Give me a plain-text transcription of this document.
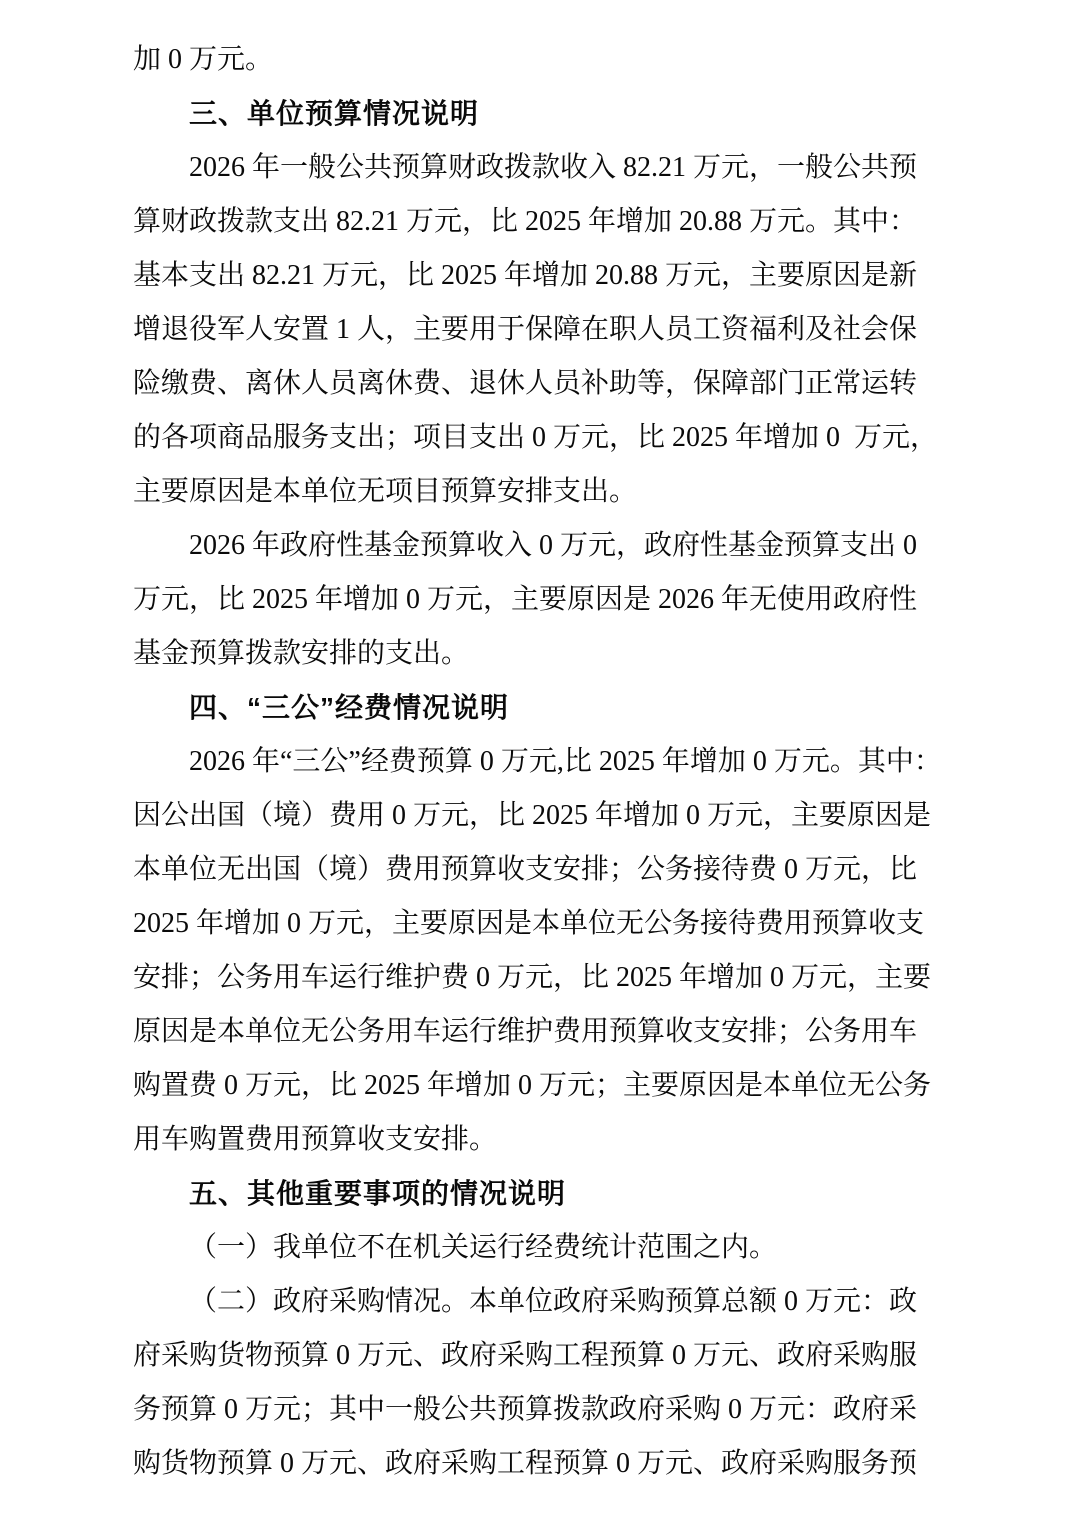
加 0 万元。
三、单位预算情况说明
2026 年一般公共预算财政拨款收入 82.21 万元，一般公共预
算财政拨款支出 82.21 万元，比 2025 年增加 20.88 万元。其中：
基本支出 82.21 万元，比 2025 年增加 20.88 万元，主要原因是新
增退役军人安置 1 人，主要用于保障在职人员工资福利及社会保
险缴费、离休人员离休费、退休人员补助等，保障部门正常运转
的各项商品服务支出；项目支出 0 万元，比 2025 年增加 0  万元，
主要原因是本单位无项目预算安排支出。
2026 年政府性基金预算收入 0 万元，政府性基金预算支出 0
万元，比 2025 年增加 0 万元，主要原因是 2026 年无使用政府性
基金预算拨款安排的支出。
四、“三公”经费情况说明
2026 年“三公”经费预算 0 万元,比 2025 年增加 0 万元。其中：
因公出国（境）费用 0 万元，比 2025 年增加 0 万元，主要原因是
本单位无出国（境）费用预算收支安排；公务接待费 0 万元，比
2025 年增加 0 万元，主要原因是本单位无公务接待费用预算收支
安排；公务用车运行维护费 0 万元，比 2025 年增加 0 万元，主要
原因是本单位无公务用车运行维护费用预算收支安排；公务用车
购置费 0 万元，比 2025 年增加 0 万元；主要原因是本单位无公务
用车购置费用预算收支安排。
五、其他重要事项的情况说明
（一）我单位不在机关运行经费统计范围之内。
（二）政府采购情况。本单位政府采购预算总额 0 万元：政
府采购货物预算 0 万元、政府采购工程预算 0 万元、政府采购服
务预算 0 万元；其中一般公共预算拨款政府采购 0 万元：政府采
购货物预算 0 万元、政府采购工程预算 0 万元、政府采购服务预
